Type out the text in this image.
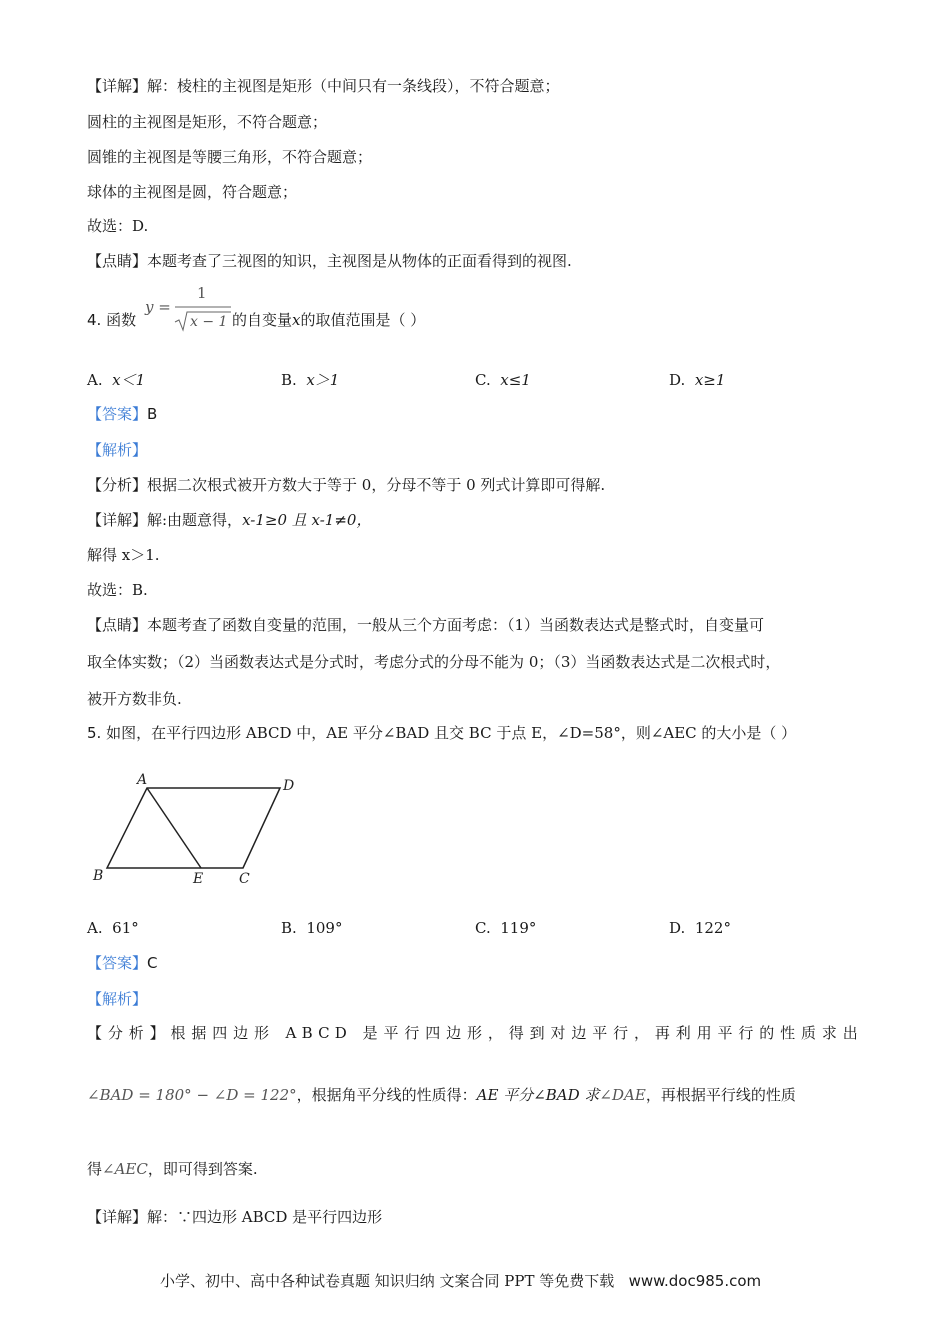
【详解】解：棱柱的主视图是矩形（中间只有一条线段），不符合题意；
圆柱的主视图是矩形，不符合题意；
圆锥的主视图是等腰三角形，不符合题意；
球体的主视图是圆，符合题意；
故选：D.
【点睛】本题考查了三视图的知识，主视图是从物体的正面看得到的视图.
4. 函数
y =
1
x − 1 的自变量x的取值范围是（ ）
A. x＜1	B. x＞1	C. x≤1	D. x≥1
【答案】B
【解析】
【分析】根据二次根式被开方数大于等于 0，分母不等于 0 列式计算即可得解.
【详解】解:由题意得，x-1≥0 且 x-1≠0，
解得 x＞1.
故选：B.
【点睛】本题考查了函数自变量的范围，一般从三个方面考虑：（1）当函数表达式是整式时，自变量可
取全体实数；（2）当函数表达式是分式时，考虑分式的分母不能为 0；（3）当函数表达式是二次根式时，
被开方数非负.
5. 如图，在平行四边形 ABCD 中，AE 平分∠BAD 且交 BC 于点 E，∠D=58°，则∠AEC 的大小是（ ）
A	D
B	E	C
A. 61°	B. 109°	C. 119°	D. 122°
【答案】C
【解析】
【分析】根据四边形 ABCD 是平行四边形，得到对边平行，再利用平行的性质求出
∠BAD = 180° − ∠D = 122°，根据角平分线的性质得：AE 平分∠BAD 求∠DAE，再根据平行线的性质
得∠AEC，即可得到答案.
【详解】解：∵四边形 ABCD 是平行四边形
小学、初中、高中各种试卷真题 知识归纳 文案合同 PPT 等免费下载 www.doc985.com
